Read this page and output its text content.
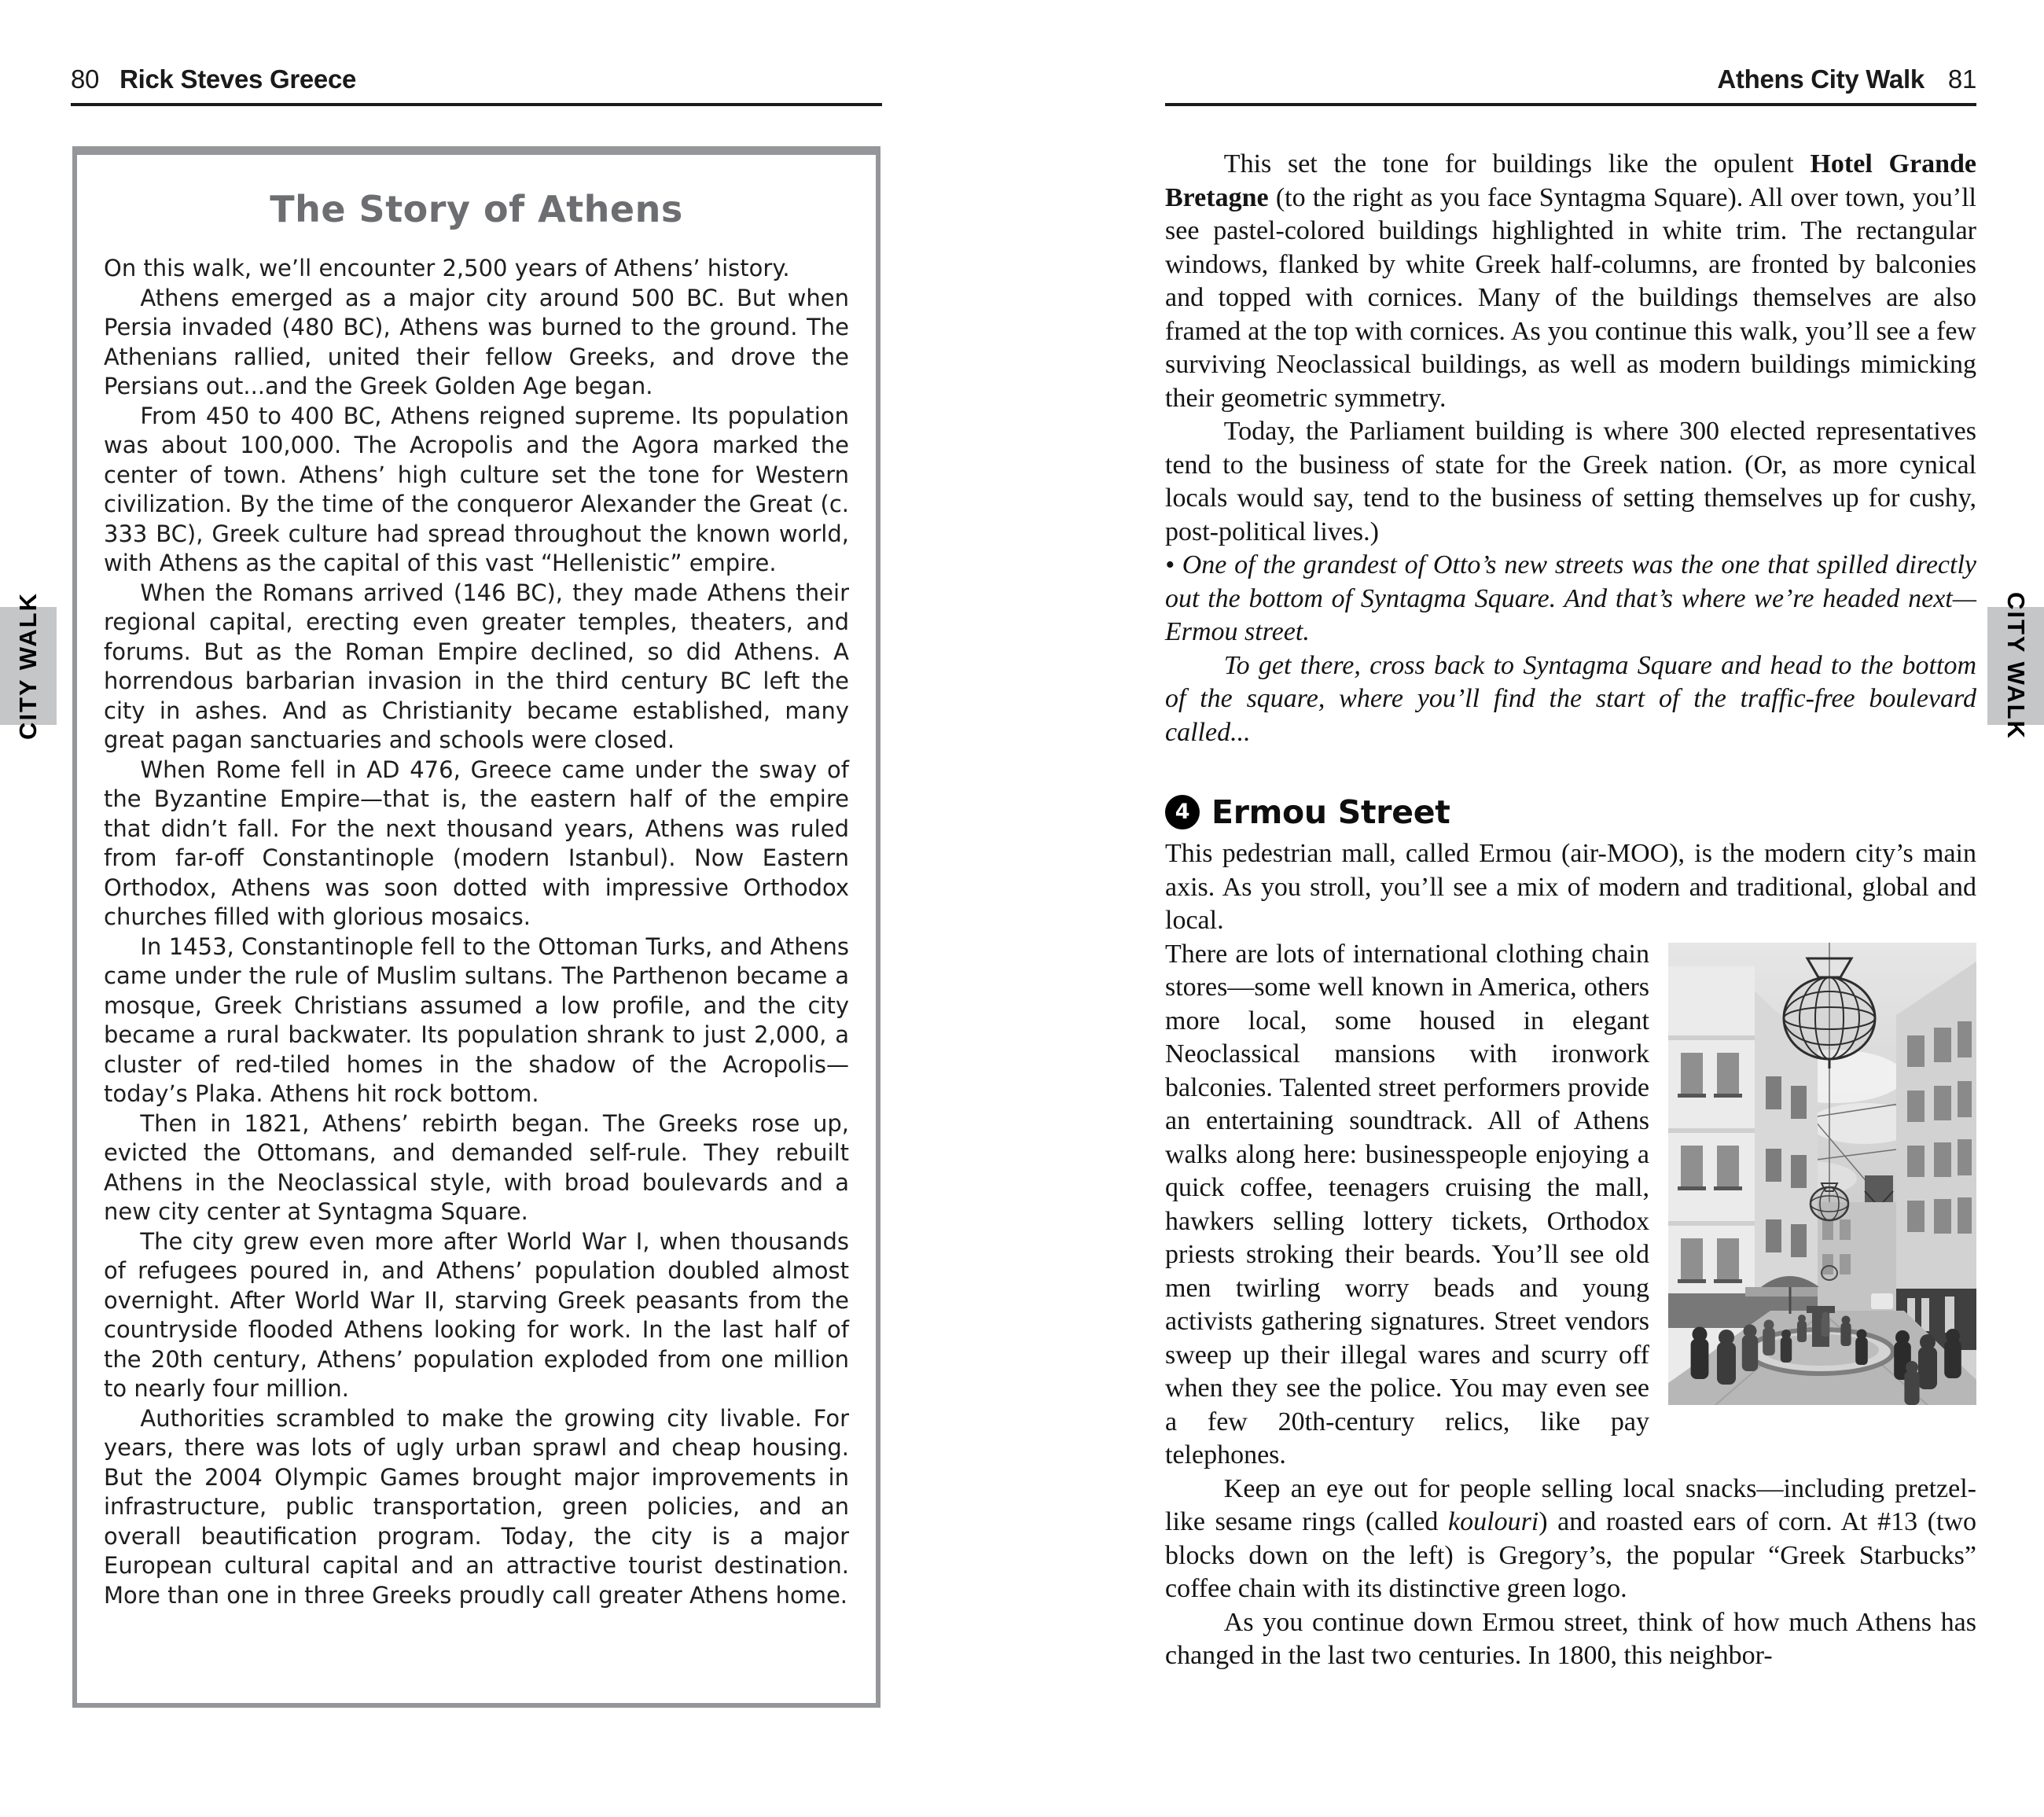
80 Rick Steves Greece
The Story of Athens

On this walk, we’ll encounter 2,500 years of Athens’ history.

Athens emerged as a major city around 500 BC. But when Persia invaded (480 BC), Athens was burned to the ground. The Athenians rallied, united their fellow Greeks, and drove the Persians out...and the Greek Golden Age began.

From 450 to 400 BC, Athens reigned supreme. Its population was about 100,000. The Acropolis and the Agora marked the center of town. Athens’ high culture set the tone for Western civilization. By the time of the conqueror Alexander the Great (c. 333 BC), Greek culture had spread throughout the known world, with Athens as the capital of this vast “Hellenistic” empire.

When the Romans arrived (146 BC), they made Athens their regional capital, erecting even greater temples, theaters, and forums. But as the Roman Empire declined, so did Athens. A horrendous barbarian invasion in the third century BC left the city in ashes. And as Christianity became established, many great pagan sanctuaries and schools were closed.

When Rome fell in AD 476, Greece came under the sway of the Byzantine Empire—that is, the eastern half of the empire that didn’t fall. For the next thousand years, Athens was ruled from far-off Constantinople (modern Istanbul). Now Eastern Orthodox, Athens was soon dotted with impressive Orthodox churches filled with glorious mosaics.

In 1453, Constantinople fell to the Ottoman Turks, and Athens came under the rule of Muslim sultans. The Parthenon became a mosque, Greek Christians assumed a low profile, and the city became a rural backwater. Its population shrank to just 2,000, a cluster of red-tiled homes in the shadow of the Acropolis—today’s Plaka. Athens hit rock bottom.

Then in 1821, Athens’ rebirth began. The Greeks rose up, evicted the Ottomans, and demanded self-rule. They rebuilt Athens in the Neoclassical style, with broad boulevards and a new city center at Syntagma Square.

The city grew even more after World War I, when thousands of refugees poured in, and Athens’ population doubled almost overnight. After World War II, starving Greek peasants from the countryside flooded Athens looking for work. In the last half of the 20th century, Athens’ population exploded from one million to nearly four million.

Authorities scrambled to make the growing city livable. For years, there was lots of ugly urban sprawl and cheap housing. But the 2004 Olympic Games brought major improvements in infrastructure, public transportation, green policies, and an overall beautification program. Today, the city is a major European cultural capital and an attractive tourist destination. More than one in three Greeks proudly call greater Athens home.

CITY WALK
Athens City Walk 81
CITY WALK

This set the tone for buildings like the opulent Hotel Grande Bretagne (to the right as you face Syntagma Square). All over town, you’ll see pastel-colored buildings highlighted in white trim. The rectangular windows, flanked by white Greek half-columns, are fronted by balconies and topped with cornices. Many of the buildings themselves are also framed at the top with cornices. As you continue this walk, you’ll see a few surviving Neoclassical buildings, as well as modern buildings mimicking their geometric symmetry.

Today, the Parliament building is where 300 elected representatives tend to the business of state for the Greek nation. (Or, as more cynical locals would say, tend to the business of setting themselves up for cushy, post-political lives.)

• One of the grandest of Otto’s new streets was the one that spilled directly out the bottom of Syntagma Square. And that’s where we’re headed next—Ermou street.

To get there, cross back to Syntagma Square and head to the bottom of the square, where you’ll find the start of the traffic-free boulevard called...

4 Ermou Street

This pedestrian mall, called Ermou (air-MOO), is the modern city’s main axis. As you stroll, you’ll see a mix of modern and traditional, global and local.

There are lots of international clothing chain stores—some well known in America, others more local, some housed in elegant Neoclassical mansions with ironwork balconies. Talented street performers provide an entertaining soundtrack. All of Athens walks along here: businesspeople enjoying a quick coffee, teenagers cruising the mall, hawkers selling lottery tickets, Orthodox priests stroking their beards. You’ll see old men twirling worry beads and young activists gathering signatures. Street vendors sweep up their illegal wares and scurry off when they see the police. You may even see a few 20th-century relics, like pay telephones.

Keep an eye out for people selling local snacks—including pretzel-like sesame rings (called koulouri) and roasted ears of corn. At #13 (two blocks down on the left) is Gregory’s, the popular “Greek Starbucks” coffee chain with its distinctive green logo.

As you continue down Ermou street, think of how much Athens has changed in the last two centuries. In 1800, this neighbor-
